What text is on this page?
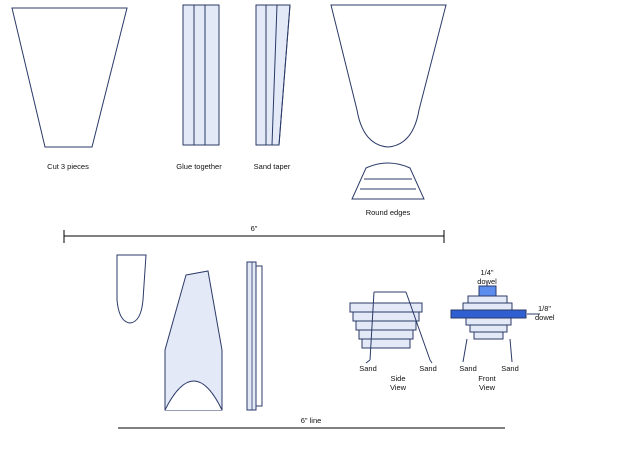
Cut 3 pieces	Glue together	Sand taper
Round edges
6"
6" line
Sand	Sand
Side
View
Sand	Sand
Front
View
1/4"
dowel
1/8"
dowel
